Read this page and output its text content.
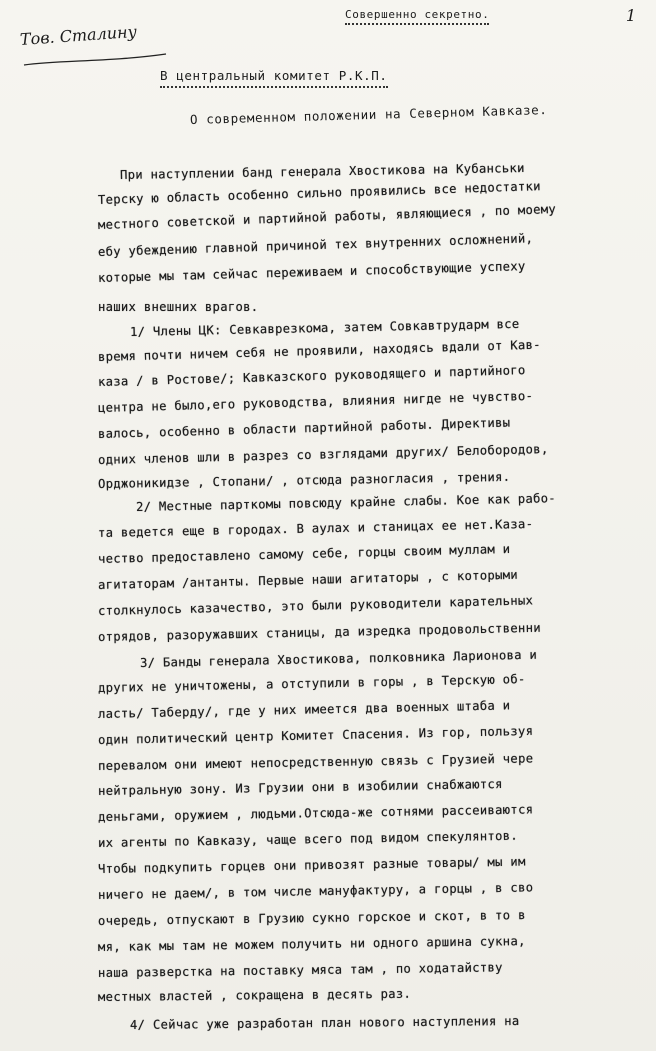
Совершенно секретно.	1
Тов. Сталину
В центральный комитет Р.К.П.
О современном положении на Северном Кавказе.
При наступлении банд генерала Хвостикова на Кубанськи
Терску ю область особенно сильно проявились все недостатки
местного советской и партийной работы, являющиеся , по моему
ебу убеждению главной причиной тех внутренних осложнений,
которые мы там сейчас переживаем и способствующие успеху
наших внешних врагов.
1/ Члены ЦК: Севкаврезкома, затем Совкавтрударм все
время почти ничем себя не проявили, находясь вдали от Кав-
каза / в Ростове/; Кавказского руководящего и партийного
центра не было,его руководства, влияния нигде не чувство-
валось, особенно в области партийной работы. Директивы
одних членов шли в разрез со взглядами других/ Белобородов,
Орджоникидзе , Стопани/ , отсюда разногласия , трения.
2/ Местные парткомы повсюду крайне слабы. Кое как рабо-
та ведется еще в городах. В аулах и станицах ее нет.Каза-
чество предоставлено самому себе, горцы своим муллам и
агитаторам /антанты. Первые наши агитаторы , с которыми
столкнулось казачество, это были руководители карательных
отрядов, разоружавших станицы, да изредка продовольственни
3/ Банды генерала Хвостикова, полковника Ларионова и
других не уничтожены, а отступили в горы , в Терскую об-
ласть/ Таберду/, где у них имеется два военных штаба и
один политический центр Комитет Спасения. Из гор, пользуя
перевалом они имеют непосредственную связь с Грузией чере
нейтральную зону. Из Грузии они в изобилии снабжаются
деньгами, оружием , людьми.Отсюда-же сотнями рассеиваются
их агенты по Кавказу, чаще всего под видом спекулянтов.
Чтобы подкупить горцев они привозят разные товары/ мы им
ничего не даем/, в том числе мануфактуру, а горцы , в сво
очередь, отпускают в Грузию сукно горское и скот, в то в
мя, как мы там не можем получить ни одного аршина сукна,
наша разверстка на поставку мяса там , по ходатайству
местных властей , сокращена в десять раз.
4/ Сейчас уже разработан план нового наступления на
